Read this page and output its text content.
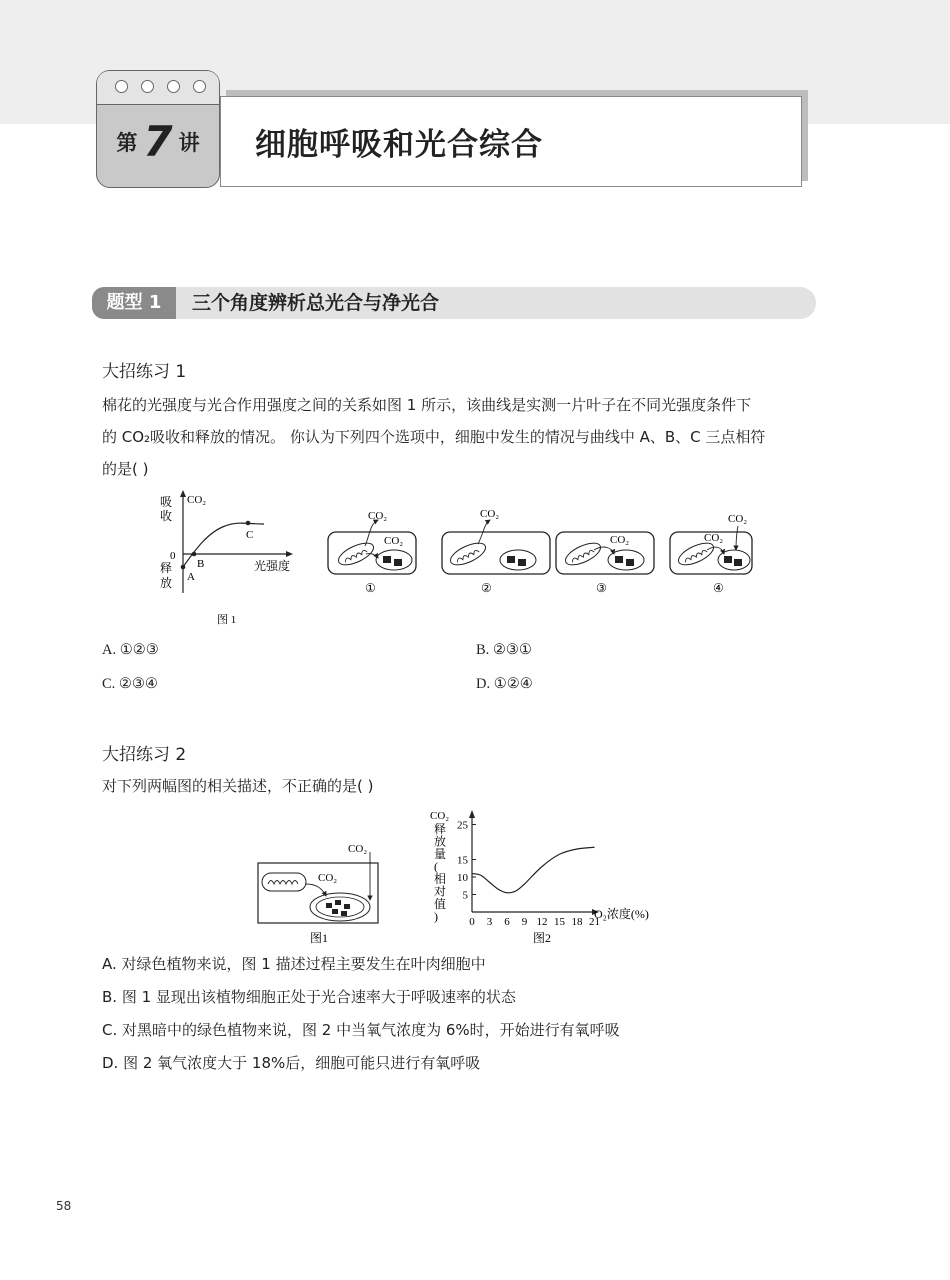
第 7 讲	细胞呼吸和光合综合
题型 1	三个角度辨析总光合与净光合
大招练习 1
棉花的光强度与光合作用强度之间的关系如图 1 所示，该曲线是实测一片叶子在不同光强度条件下
的 CO₂吸收和释放的情况。 你认为下列四个选项中，细胞中发生的情况与曲线中 A、B、C 三点相符
的是( )
CO₂
吸
收
0
释
放
光强度
A
B
C
图 1
CO₂
CO₂
①
CO₂
②
CO₂
③
CO₂
CO₂
④
A. ①②③	B. ②③①
C. ②③④	D. ①②④
大招练习 2
对下列两幅图的相关描述，不正确的是( )
CO₂
CO₂
图1
CO₂
释放量(相对值)
5
10
15
25
0 3 6 9 12 15 18 21
O₂浓度(%)
图2
A. 对绿色植物来说，图 1 描述过程主要发生在叶肉细胞中
B. 图 1 显现出该植物细胞正处于光合速率大于呼吸速率的状态
C. 对黑暗中的绿色植物来说，图 2 中当氧气浓度为 6%时，开始进行有氧呼吸
D. 图 2 氧气浓度大于 18%后，细胞可能只进行有氧呼吸
58
